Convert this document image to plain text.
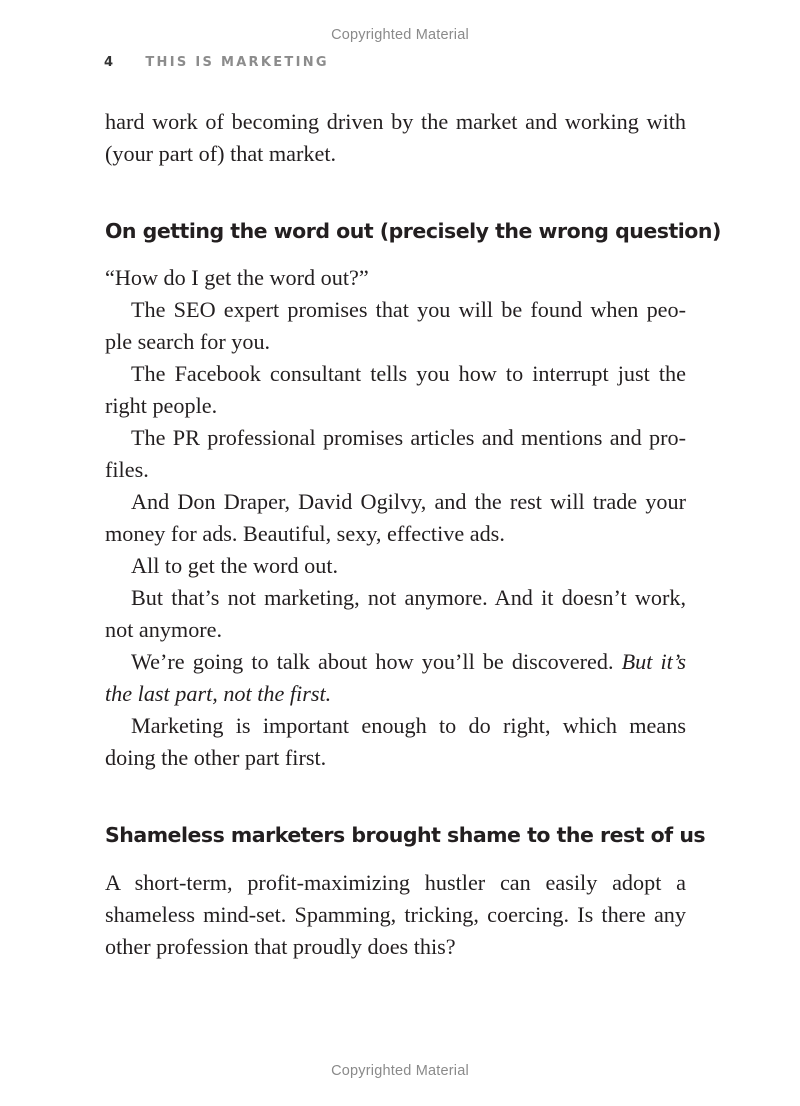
Copyrighted Material
4 THIS IS MARKETING

hard work of becoming driven by the market and working with (your part of) that market.

On getting the word out (precisely the wrong question)

“How do I get the word out?”

The SEO expert promises that you will be found when peo-ple search for you.

The Facebook consultant tells you how to interrupt just the right people.

The PR professional promises articles and mentions and pro-files.

And Don Draper, David Ogilvy, and the rest will trade your money for ads. Beautiful, sexy, effective ads.

All to get the word out.

But that’s not marketing, not anymore. And it doesn’t work, not anymore.

We’re going to talk about how you’ll be discovered. But it’s the last part, not the first.

Marketing is important enough to do right, which means doing the other part first.

Shameless marketers brought shame to the rest of us

A short-term, profit-maximizing hustler can easily adopt a shameless mind-set. Spamming, tricking, coercing. Is there any other profession that proudly does this?

Copyrighted Material
